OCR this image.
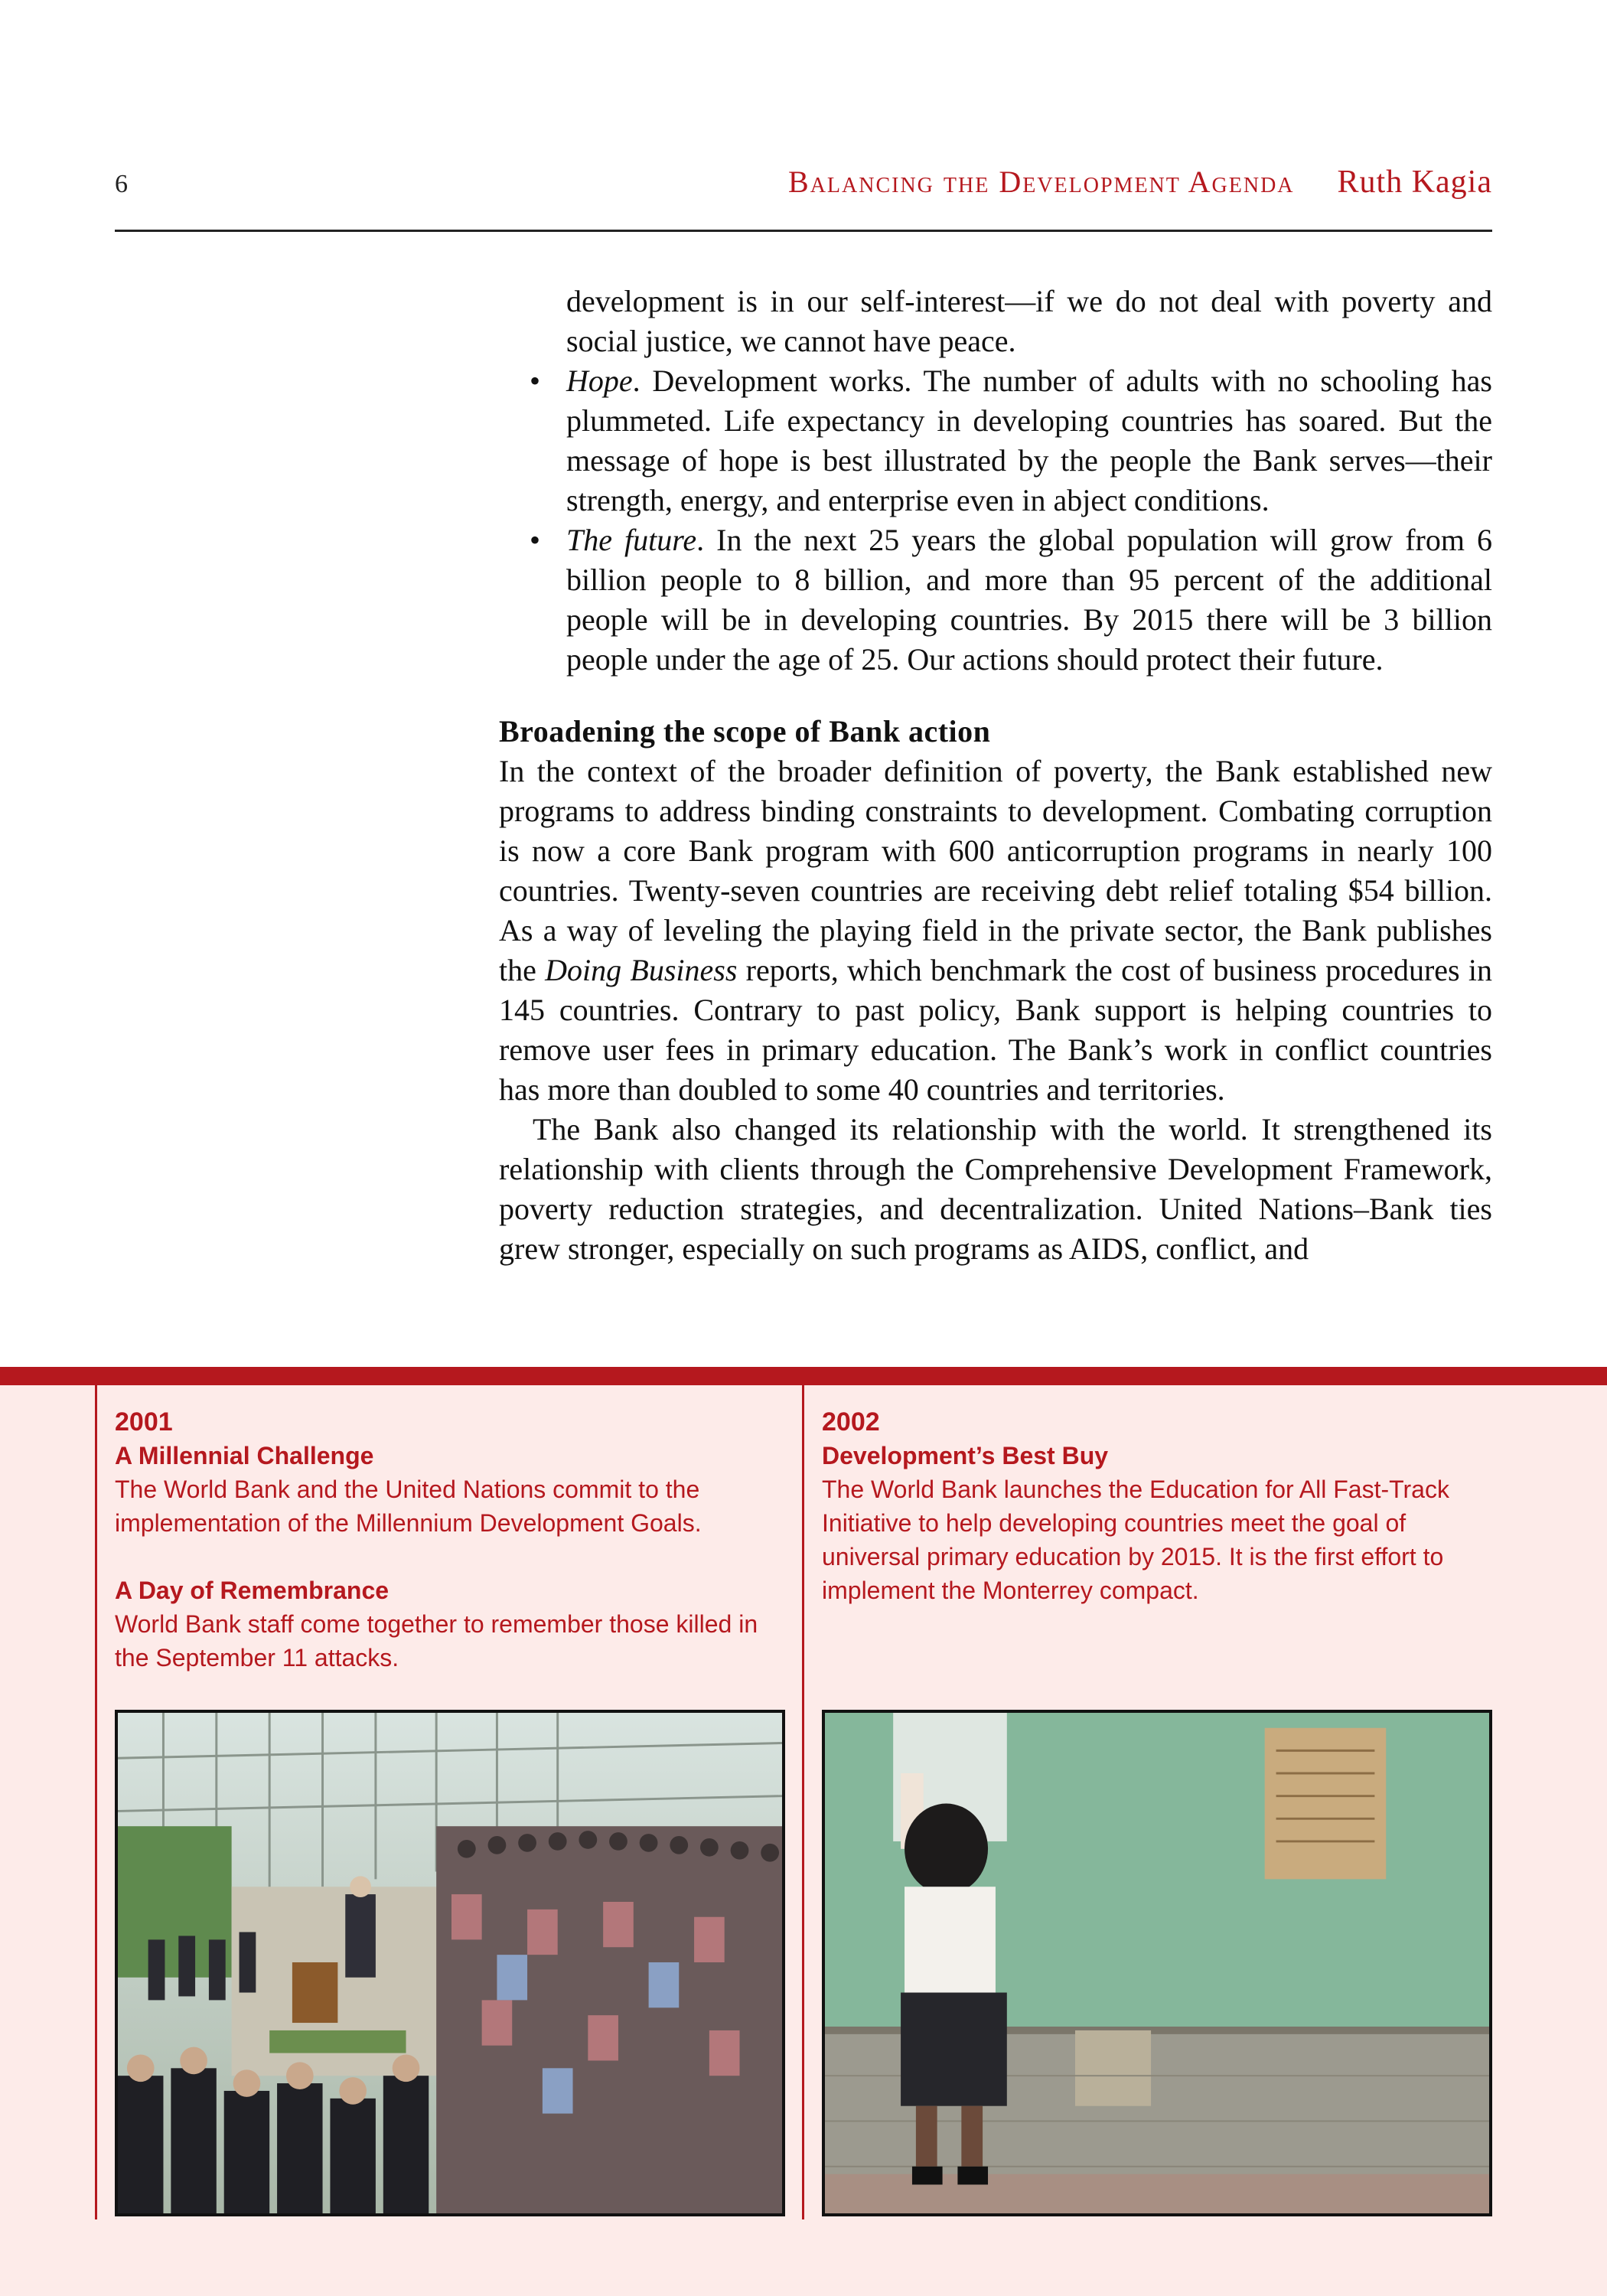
6	Balancing the Development Agenda Ruth Kagia

development is in our self-interest—if we do not deal with poverty and social justice, we cannot have peace.

• Hope. Development works. The number of adults with no schooling has plummeted. Life expectancy in developing countries has soared. But the message of hope is best illustrated by the people the Bank serves—their strength, energy, and enterprise even in abject conditions.

• The future. In the next 25 years the global population will grow from 6 billion people to 8 billion, and more than 95 percent of the additional people will be in developing countries. By 2015 there will be 3 billion people under the age of 25. Our actions should protect their future.

Broadening the scope of Bank action

In the context of the broader definition of poverty, the Bank established new programs to address binding constraints to development. Combating corruption is now a core Bank program with 600 anticorruption programs in nearly 100 countries. Twenty-seven countries are receiving debt relief totaling $54 billion. As a way of leveling the playing field in the private sector, the Bank publishes the Doing Business reports, which benchmark the cost of business procedures in 145 countries. Contrary to past policy, Bank support is helping countries to remove user fees in primary education. The Bank’s work in conflict countries has more than doubled to some 40 countries and territories.

The Bank also changed its relationship with the world. It strengthened its relationship with clients through the Comprehensive Development Framework, poverty reduction strategies, and decentralization. United Nations–Bank ties grew stronger, especially on such programs as AIDS, conflict, and

2001

A Millennial Challenge

The World Bank and the United Nations commit to the implementation of the Millennium Development Goals.

A Day of Remembrance

World Bank staff come together to remember those killed in the September 11 attacks.

2002

Development’s Best Buy

The World Bank launches the Education for All Fast-Track Initiative to help developing countries meet the goal of universal primary education by 2015. It is the first effort to implement the Monterrey compact.
